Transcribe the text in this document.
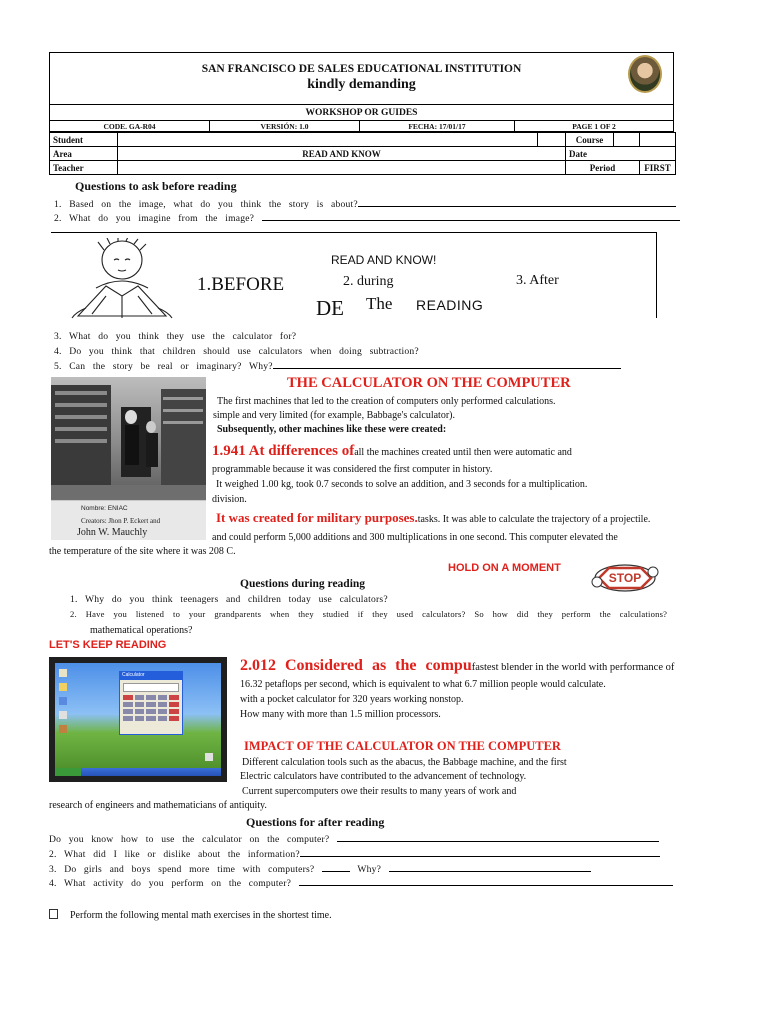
SAN FRANCISCO DE SALES EDUCATIONAL INSTITUTION
kindly demanding
WORKSHOP OR GUIDES
CODE. GA-R04	VERSIÓN: 1.0	FECHA: 17/01/17	PAGE 1 OF 2
Student			Course		
Area	READ AND KNOW		Date		
Teacher			Period		FIRST
Questions to ask before reading
1. Based on the image, what do you think the story is about?
2. What do you imagine from the image?
READ AND KNOW!
1.BEFORE	2. during	3. After
DE The READING
3. What do you think they use the calculator for?
4. Do you think that children should use calculators when doing subtraction?
5. Can the story be real or imaginary? Why?
Nombre: ENIAC
Creators: Jhon P. Eckert and
John W. Mauchly
THE CALCULATOR ON THE COMPUTER
The first machines that led to the creation of computers only performed calculations.
simple and very limited (for example, Babbage's calculator).
Subsequently, other machines like these were created:
1.941 At differences ofall the machines created until then were automatic and
programmable because it was considered the first computer in history.
It weighed 1.00 kg, took 0.7 seconds to solve an addition, and 3 seconds for a multiplication.
division.
It was created for military purposes.tasks. It was able to calculate the trajectory of a projectile.
and could perform 5,000 additions and 300 multiplications in one second. This computer elevated the
the temperature of the site where it was 208 C.
HOLD ON A MOMENT
STOP
Questions during reading
1. Why do you think teenagers and children today use calculators?
2. Have you listened to your grandparents when they studied if they used calculators? So how did they perform the calculations?
mathematical operations?
LET'S KEEP READING
Calculator
2.012 Considered as the compufastest blender in the world with performance of
16.32 petaflops per second, which is equivalent to what 6.7 million people would calculate.
with a pocket calculator for 320 years working nonstop.
How many with more than 1.5 million processors.
IMPACT OF THE CALCULATOR ON THE COMPUTER
Different calculation tools such as the abacus, the Babbage machine, and the first
Electric calculators have contributed to the advancement of technology.
Current supercomputers owe their results to many years of work and
research of engineers and mathematicians of antiquity.
Questions for after reading
Do you know how to use the calculator on the computer?
2. What did I like or dislike about the information?
3. Do girls and boys spend more time with computers?	Why?
4. What activity do you perform on the computer?
Perform the following mental math exercises in the shortest time.
